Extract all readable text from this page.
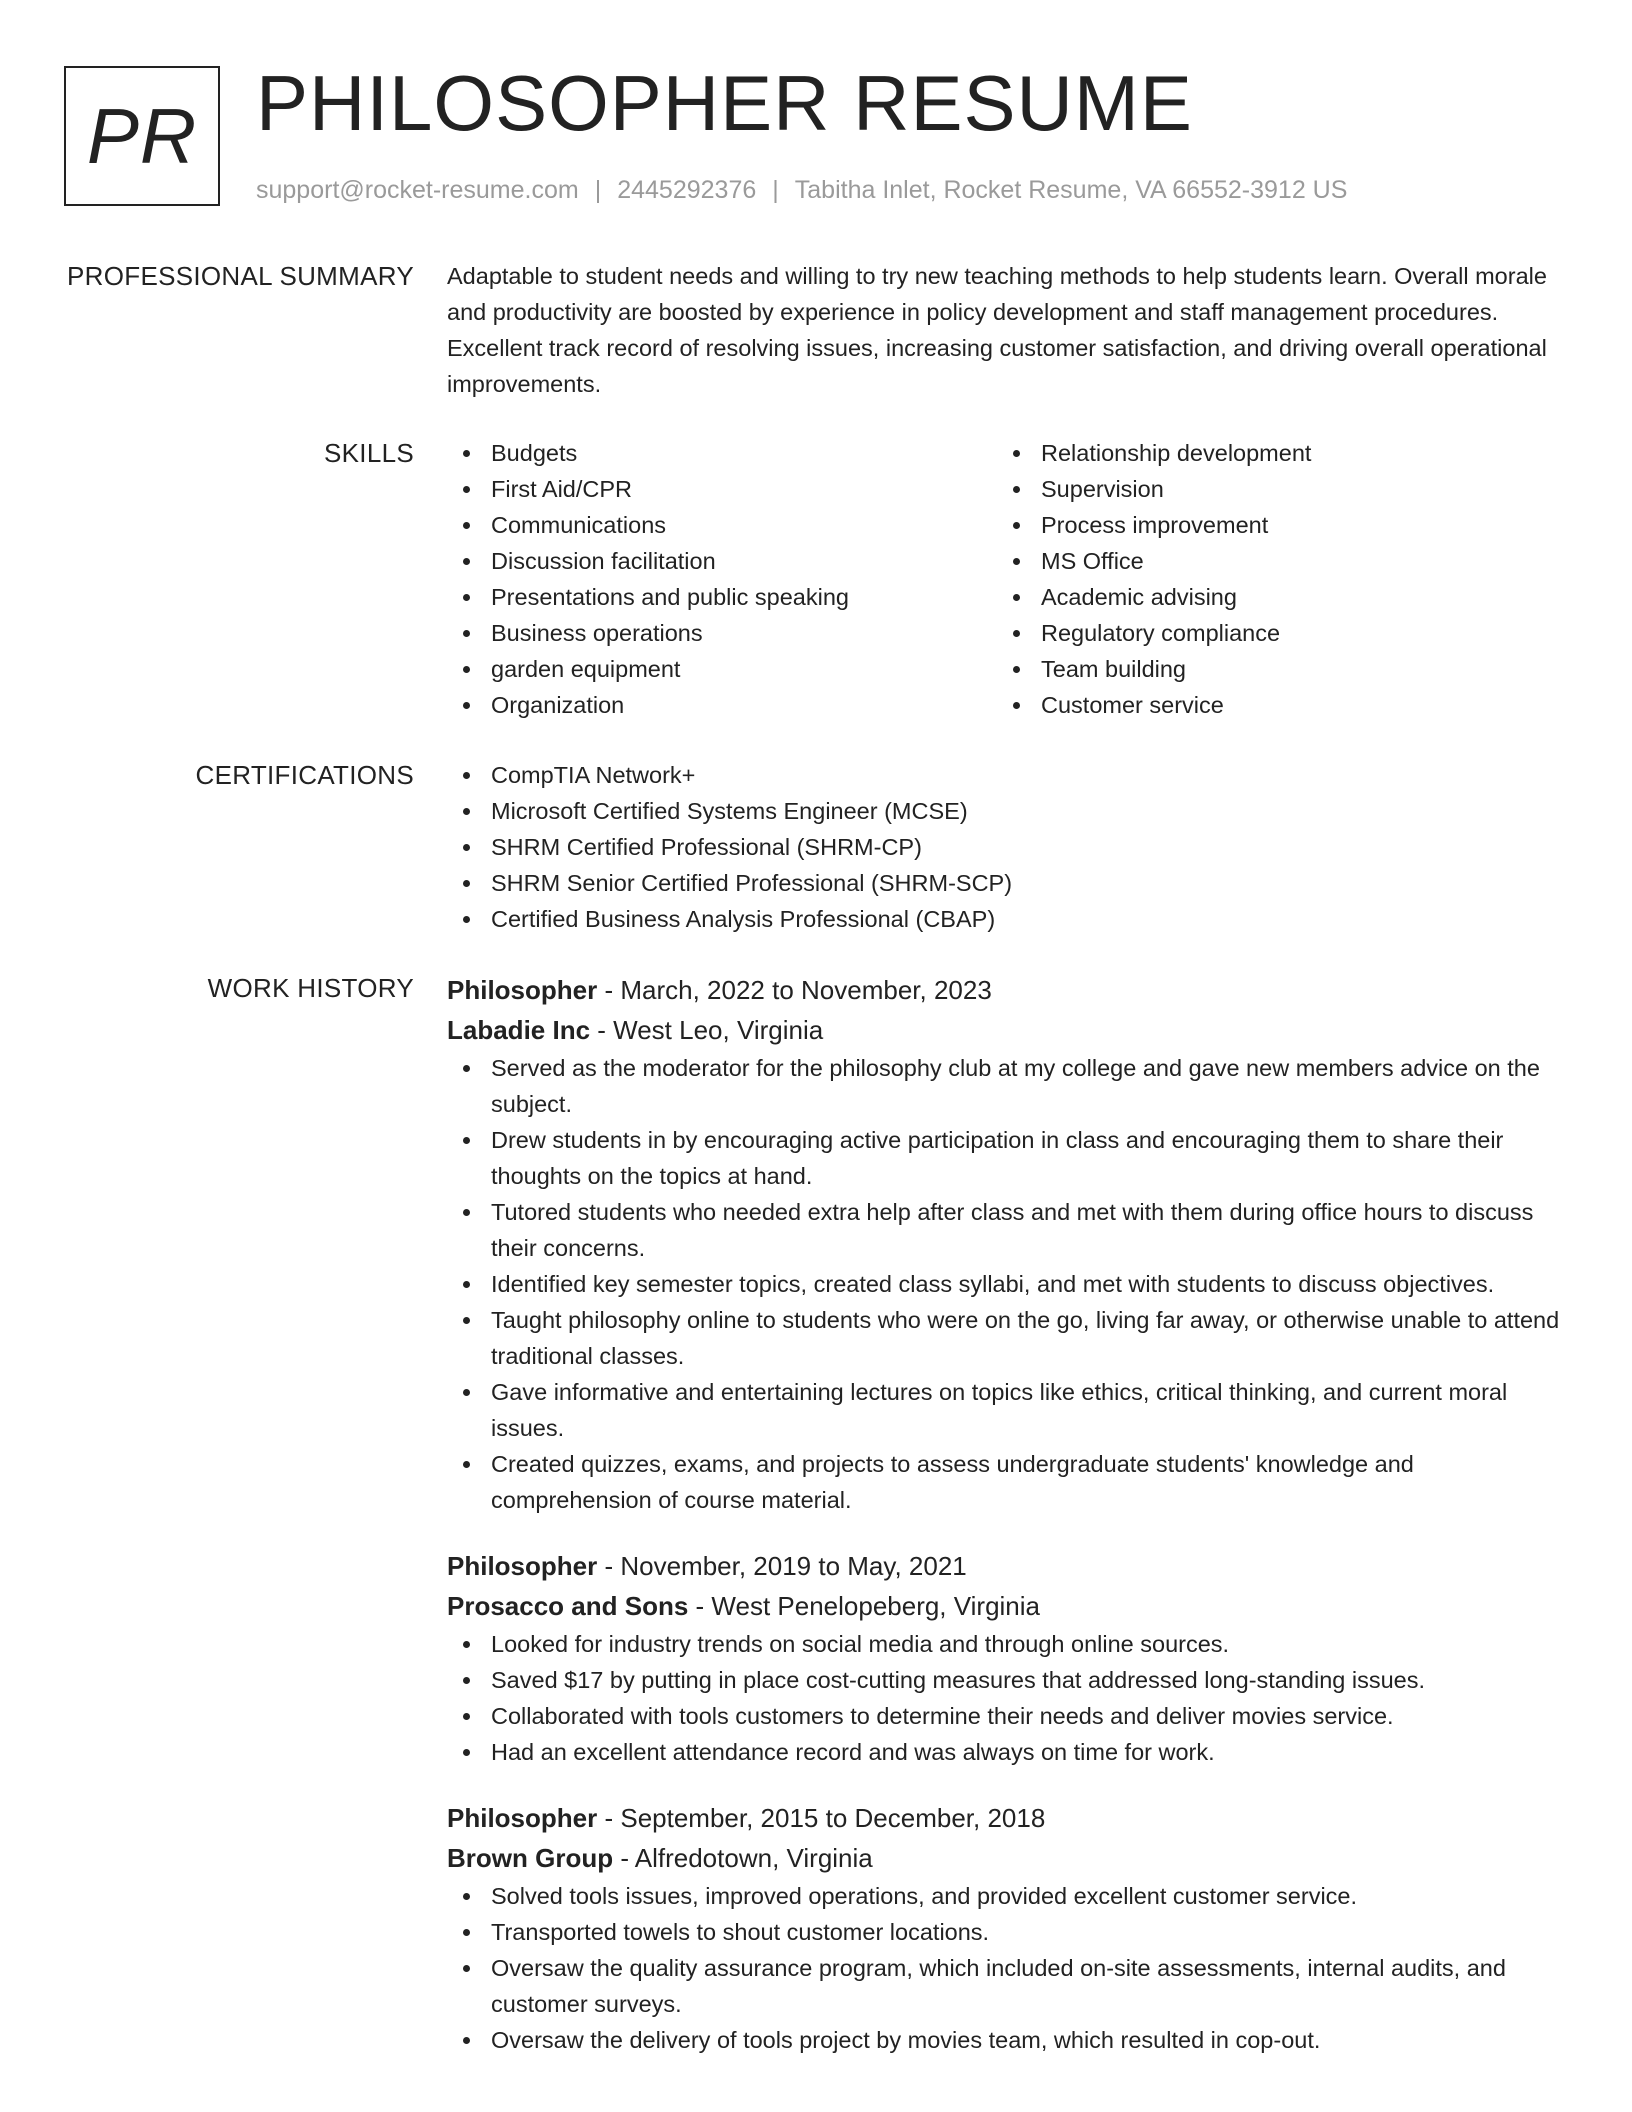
PR PHILOSOPHER RESUME
support@rocket-resume.com | 2445292376 | Tabitha Inlet, Rocket Resume, VA 66552-3912 US
PROFESSIONAL SUMMARY Adaptable to student needs and willing to try new teaching methods to help students learn. Overall morale and productivity are boosted by experience in policy development and staff management procedures. Excellent track record of resolving issues, increasing customer satisfaction, and driving overall operational improvements.

SKILLS	Budgets
First Aid/CPR
Communications
Discussion facilitation
Presentations and public speaking
Business operations
garden equipment
Organization
Relationship development
Supervision
Process improvement
MS Office
Academic advising
Regulatory compliance
Team building
Customer service
CERTIFICATIONS	CompTIA Network+
Microsoft Certified Systems Engineer (MCSE)
SHRM Certified Professional (SHRM-CP)
SHRM Senior Certified Professional (SHRM-SCP)
Certified Business Analysis Professional (CBAP)
WORK HISTORY Philosopher - March, 2022 to November, 2023
Labadie Inc - West Leo, Virginia
Served as the moderator for the philosophy club at my college and gave new members advice on the subject.
Drew students in by encouraging active participation in class and encouraging them to share their thoughts on the topics at hand.
Tutored students who needed extra help after class and met with them during office hours to discuss their concerns.
Identified key semester topics, created class syllabi, and met with students to discuss objectives.
Taught philosophy online to students who were on the go, living far away, or otherwise unable to attend traditional classes.
Gave informative and entertaining lectures on topics like ethics, critical thinking, and current moral issues.
Created quizzes, exams, and projects to assess undergraduate students' knowledge and comprehension of course material.
Philosopher - November, 2019 to May, 2021
Prosacco and Sons - West Penelopeberg, Virginia
Looked for industry trends on social media and through online sources.
Saved $17 by putting in place cost-cutting measures that addressed long-standing issues.
Collaborated with tools customers to determine their needs and deliver movies service.
Had an excellent attendance record and was always on time for work.
Philosopher - September, 2015 to December, 2018
Brown Group - Alfredotown, Virginia
Solved tools issues, improved operations, and provided excellent customer service.
Transported towels to shout customer locations.
Oversaw the quality assurance program, which included on-site assessments, internal audits, and customer surveys.
Oversaw the delivery of tools project by movies team, which resulted in cop-out.
